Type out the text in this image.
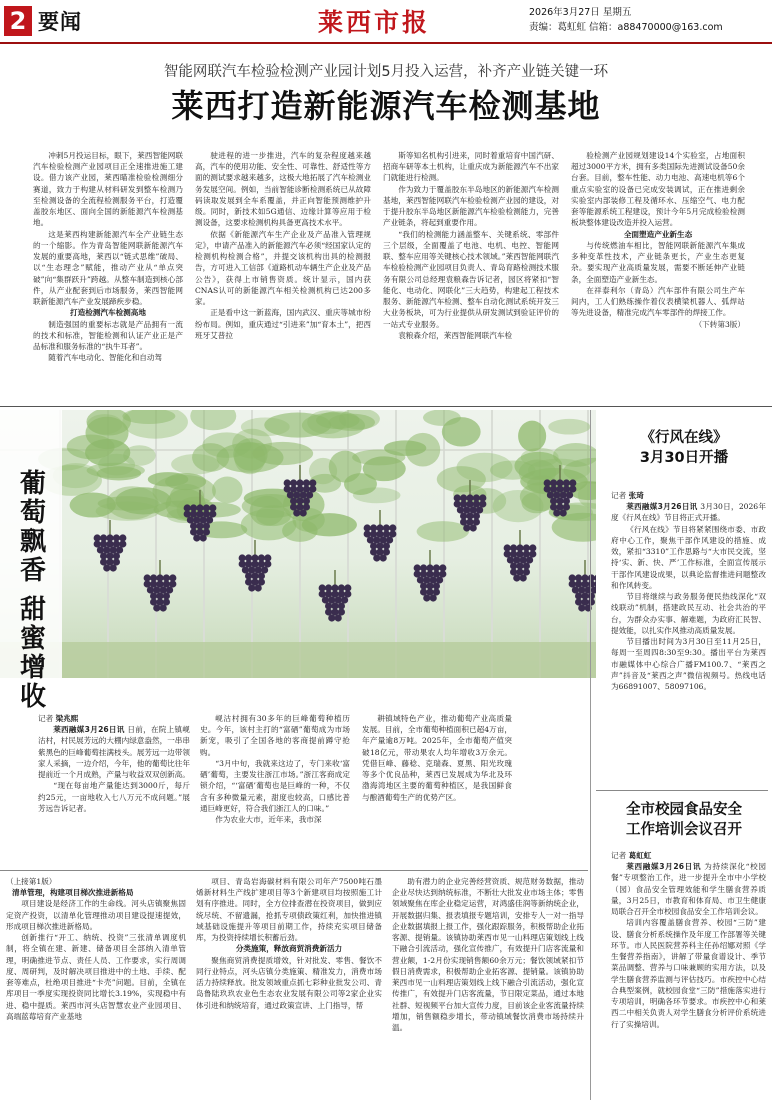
2 要闻	莱西市报	2026年3月27日 星期五
责编：葛虹虹 信箱：a88470000@163.com
智能网联汽车检验检测产业园计划5月投入运营，补齐产业链关键一环
莱西打造新能源汽车检测基地

冲刺5月投运目标，眼下，莱西智能网联汽车检验检测产业园项目正全速推进施工建设。借力该产业园，莱西瞄准检验检测细分赛道，致力于构建从材料研发到整车检测乃至检测设备的全流程检测服务平台，打造覆盖胶东地区、面向全国的新能源汽车检测基地。

这是莱西构建新能源汽车全产业链生态的一个缩影。作为青岛智能网联新能源汽车发展的重要高地，莱西以“链式思维”破局、以“生态理念”赋能，推动产业从“单点突破”向“集群跃升”跨越。从整车制造到核心部件，从产业配套到后市场服务，莱西智能网联新能源汽车产业发展蹄疾步稳。

打造检测汽车检测高地

制造强国的重要标志就是产品拥有一流的技术和标准，智能检测和认证产业正是产品标准和服务标准的“执牛耳者”。

随着汽车电动化、智能化和自动驾

驶进程的进一步推进，汽车的复杂程度越来越高，汽车的使用功能、安全性、可靠性、舒适性等方面的测试要求越来越多，这极大地拓展了汽车检测业务发展空间。例如，当前智能诊断检测系统已从故障码读取发展到全车系覆盖，并正向智能预测维护升级。同时，新技术如5G通信、边缘计算等应用于检测设备，这要求检测机构具备更高技术水平。

依据《新能源汽车生产企业及产品准入管理规定》，申请产品准入的新能源汽车必须“经国家认定的检测机构检测合格”，并提交该机构出具的检测报告，方可进入工信部《道路机动车辆生产企业及产品公告》，获得上市销售资质。统计显示，国内获CNAS认可的新能源汽车相关检测机构已达200多家。

正是看中这一新蓝海，国内武汉、重庆等城市纷纷布局。例如，重庆通过“引进来”加“育本土”，把西班牙艾普拉

斯等知名机构引进来，同时着重培育中国汽研、招商车研等本土机构，让重庆成为新能源汽车不出家门就能进行检测。

作为致力于覆盖胶东半岛地区的新能源汽车检测基地，莱西智能网联汽车检验检测产业园的建设，对于提升胶东半岛地区新能源汽车检验检测能力，完善产业链条，将起到重要作用。

“我们的检测能力涵盖整车、关键系统、零部件三个层级，全面覆盖了电池、电机、电控、智能网联、整车应用等关键核心技术领域。”莱西智能网联汽车检验检测产业园项目负责人、青岛育路检测技术服务有限公司总经理袁粮森告诉记者，园区将紧扣“智能化、电动化、网联化”三大趋势，构建起工程技术服务、新能源汽车检测、整车自动化测试系统开发三大业务板块，可为行业提供从研发测试到验证评价的一站式专业服务。

袁粮森介绍，莱西智能网联汽车检

验检测产业园规划建设14个实验室，占地面积超过3000平方米，拥有多类国际先进测试设备50余台套。目前，整车性能、动力电池、高速电机等6个重点实验室的设备已完成安装调试，正在推进剩余实验室内部装修工程及循环水、压缩空气、电力配套等能源系统工程建设，预计今年5月完成检验检测板块整体建设改造并投入运营。

全面塑造产业新生态

与传统燃油车相比，智能网联新能源汽车集成多种变革性技术，产业链条更长，产业生态更复杂。要实现产业高质量发展，需要不断延伸产业链条，全面塑造产业新生态。

在祥泰利尔（青岛）汽车部件有限公司生产车间内，工人们熟练操作着仪表横梁机器人、弧焊站等先进设备，精准完成汽车零部件的焊接工作。

（下转第3版）

葡
萄
飘
香
甜
蜜
增
收
《行风在线》
3月30日开播

记者 张琦

莱西融媒3月26日讯 3月30日，2026年度《行风在线》节目将正式开播。

《行风在线》节目将紧紧围绕市委、市政府中心工作，聚焦干部作风建设的措施、成效，紧扣“3310”工作思路与“大市民交流，坚持‘实、新、快、严’工作标准，全面宣传展示干部作风建设成果，以典论监督推进问题整改和作风转变。

节目将继续与政务服务便民热线深化“双线联动”机制，搭建政民互动、社会共治的平台，为群众办实事、解难题，为政府汇民智、提效能，以扎实作风推动高质量发展。

节目播出时间为3月30日至11月25日，每周一至周四8:30至9:30。播出平台为莱西市融媒体中心综合广播FM100.7、“莱西之声”抖音及“莱西之声”微信视频号。热线电话为66891007、58097106。

全市校园食品安全
工作培训会议召开

记者 葛虹虹

莱西融媒3月26日讯 为持续深化“校园餐”专项整治工作，进一步提升全市中小学校（园）食品安全管理效能和学生膳食营养质量，3月25日，市教育和体育局、市卫生健康局联合召开全市校园食品安全工作培训会议。

培训内容覆盖膳食营养、校园“三防”建设、膳食分析系统操作及年度工作部署等关键环节。市人民医院营养科主任孙绍娜对照《学生餐营养指南》，讲解了带量食谱设计、季节菜品调整、营养与口味兼顾的实用方法，以及学生膳食营养监测与评估技巧。市疾控中心结合典型案例，就校园食堂“三防”措施落实进行专项培训，明确各环节要求。市疾控中心和莱西二中相关负责人对学生膳食分析评价系统进行了实操培训。

记者 梁兆熙

莱西融媒3月26日讯 日前，在院上镇岘沽村，村民展芳远的大棚内绿意盎然，一串串紫黑色的巨峰葡萄挂满枝头。展芳远一边带领家人采摘，一边介绍，今年，他的葡萄比往年提前近一个月成熟，产量与收益双双创新高。

“现在每亩地产量能达到3000斤，每斤约25元，一亩地收入七八万元不成问题。”展芳远告诉记者。

岘沽村拥有30多年的巨峰葡萄种植历史。今年，该村主打的“富硒”葡萄成为市场新宠，吸引了全国各地的客商提前蹲守抢购。

“3月中旬，我就来这边了，专门来收‘富硒’葡萄，主要发往浙江市场。”浙江客商成定锁介绍，“‘富硒’葡萄也是巨峰的一种，不仅含有多种微量元素，甜度也较高，口感比普通巨峰更好，符合我们浙江人的口味。”

作为农业大市，近年来，我市深

耕镇域特色产业，推动葡萄产业高质量发展。目前，全市葡萄种植面积已超4万亩，年产量逾8万吨。2025年，全市葡萄产值突破18亿元，带动果农人均年增收3万余元。凭借巨峰、藤稔、克瑞森、夏黑、阳光玫瑰等多个优良品种，莱西已发展成为华北及环渤海湾地区主要的葡萄种植区，是我国鲜食与酿酒葡萄生产的优势产区。

（上接第1版）

清单管理，构建项目梯次推进新格局

项目建设是经济工作的生命线。河头店镇聚焦固定资产投资，以清单化管理推动项目建设提速提效，形成项目梯次推进新格局。

创新推行“开工、纳统、投资”三张清单调度机制，将全镇在建、新建、储备项目全部纳入清单管理，明确推进节点、责任人员、工作要求，实行周调度、周研判，及时解决项目推进中的土地、手续、配套等难点，杜绝项目推进“卡壳”问题。目前，全镇在库项目一季度实现投资同比增长3.19%，实现稳中有进、稳中提质。莱西市河头店智慧农业产业园项目、高端蓝莓培育产业基地

项目、青岛岩海碳材料有限公司年产7500吨石墨烯新材料生产线扩建项目等3个新建项目均按照施工计划有序推进。同时，全方位排查潜在投资项目，做到应统尽统、不留遗漏，抢抓专项债政策红利，加快推进镇域基础设施提升等项目前期工作，持续充实项目储备库，为投资持续增长积蓄后劲。

分类施策，释放商贸消费新活力

聚焦商贸消费提质增效，针对批发、零售、餐饮不同行业特点，河头店镇分类施策、精准发力，消费市场活力持续释放。批发领域重点抓七彩种业批发公司、青岛鲁陆玖玖农业色生态农业发展有限公司等2家企业实体引进和纳统培育，通过政策宣讲、上门指导，帮

助有潜力的企业完善经营资质、规范财务数据，推动企业尽快达到纳统标准，不断壮大批发业市场主体；零售领域聚焦在库企业稳定运营，对鸿盛佳润等新纳统企业，开展数据归集、报表填报专题培训，安排专人一对一指导企业数据填报上报工作，强化跟踪服务，积极帮助企业拓客源、提销量。该镇协助莱西市见一山料理店策划线上线下融合引流活动，强化宣传推广，有效提升门店客流量和营业额，1-2月份实现销售额60余万元；餐饮领域紧扣节假日消费需求，积极帮助企业拓客源、提销量。该镇协助莱西市见一山料理店策划线上线下融合引流活动，强化宣传推广，有效提升门店客流量，节日限定菜品，通过本地社群、短视频平台加大宣传力度，目前该企业客流量持续增加，销售额稳步增长，带动镇域餐饮消费市场持续升温。
